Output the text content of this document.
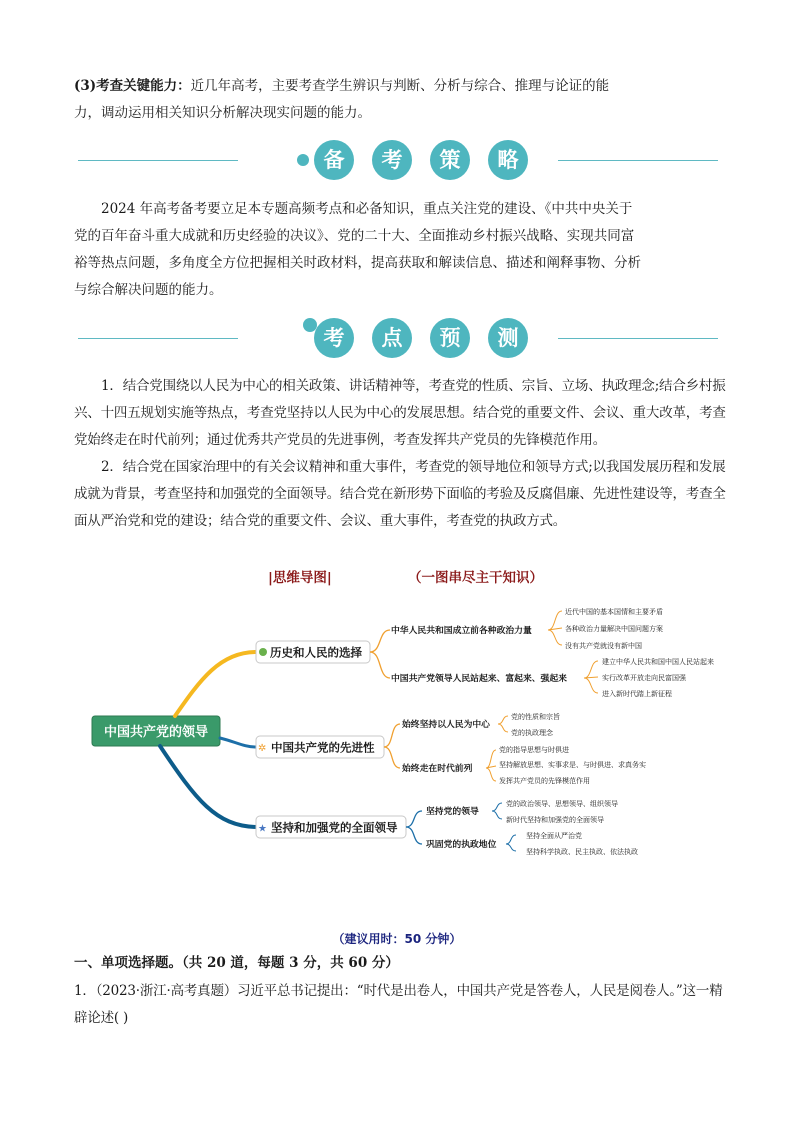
(3)考查关键能力：近几年高考，主要考查学生辨识与判断、分析与综合、推理与论证的能
力，调动运用相关知识分析解决现实问题的能力。
备	考	策	略
2024 年高考备考要立足本专题高频考点和必备知识，重点关注党的建设、《中共中央关于
党的百年奋斗重大成就和历史经验的决议》、党的二十大、全面推动乡村振兴战略、实现共同富
裕等热点问题，多角度全方位把握相关时政材料，提高获取和解读信息、描述和阐释事物、分析
与综合解决问题的能力。
考	点	预	测
1．结合党围绕以人民为中心的相关政策、讲话精神等，考查党的性质、宗旨、立场、执政理念;结合乡村振
兴、十四五规划实施等热点，考查党坚持以人民为中心的发展思想。结合党的重要文件、会议、重大改革，考查
党始终走在时代前列；通过优秀共产党员的先进事例，考查发挥共产党员的先锋模范作用。
2．结合党在国家治理中的有关会议精神和重大事件，考查党的领导地位和领导方式;以我国发展历程和发展
成就为背景，考查坚持和加强党的全面领导。结合党在新形势下面临的考验及反腐倡廉、先进性建设等，考查全
面从严治党和党的建设；结合党的重要文件、会议、重大事件，考查党的执政方式。
|思维导图|	（一图串尽主干知识）
中国共产党的领导
历史和人民的选择
中华人民共和国成立前各种政治力量
中国共产党领导人民站起来、富起来、强起来
近代中国的基本国情和主要矛盾
各种政治力量解决中国问题方案
没有共产党就没有新中国
建立中华人民共和国中国人民站起来
实行改革开放走向民富国强
进入新时代踏上新征程
✲ 中国共产党的先进性
始终坚持以人民为中心
始终走在时代前列
党的性质和宗旨
党的执政理念
党的指导思想与时俱进
坚持解放思想、实事求是、与时俱进、求真务实
发挥共产党员的先锋模范作用
★ 坚持和加强党的全面领导
坚持党的领导
巩固党的执政地位
党的政治领导、思想领导、组织领导
新时代坚持和加强党的全面领导
坚持全面从严治党
坚持科学执政、民主执政、依法执政
（建议用时：50 分钟）
一、单项选择题。（共 20 道，每题 3 分，共 60 分）
1．（2023·浙江·高考真题）习近平总书记提出：“时代是出卷人，中国共产党是答卷人，人民是阅卷人。”这一精
辟论述( )
